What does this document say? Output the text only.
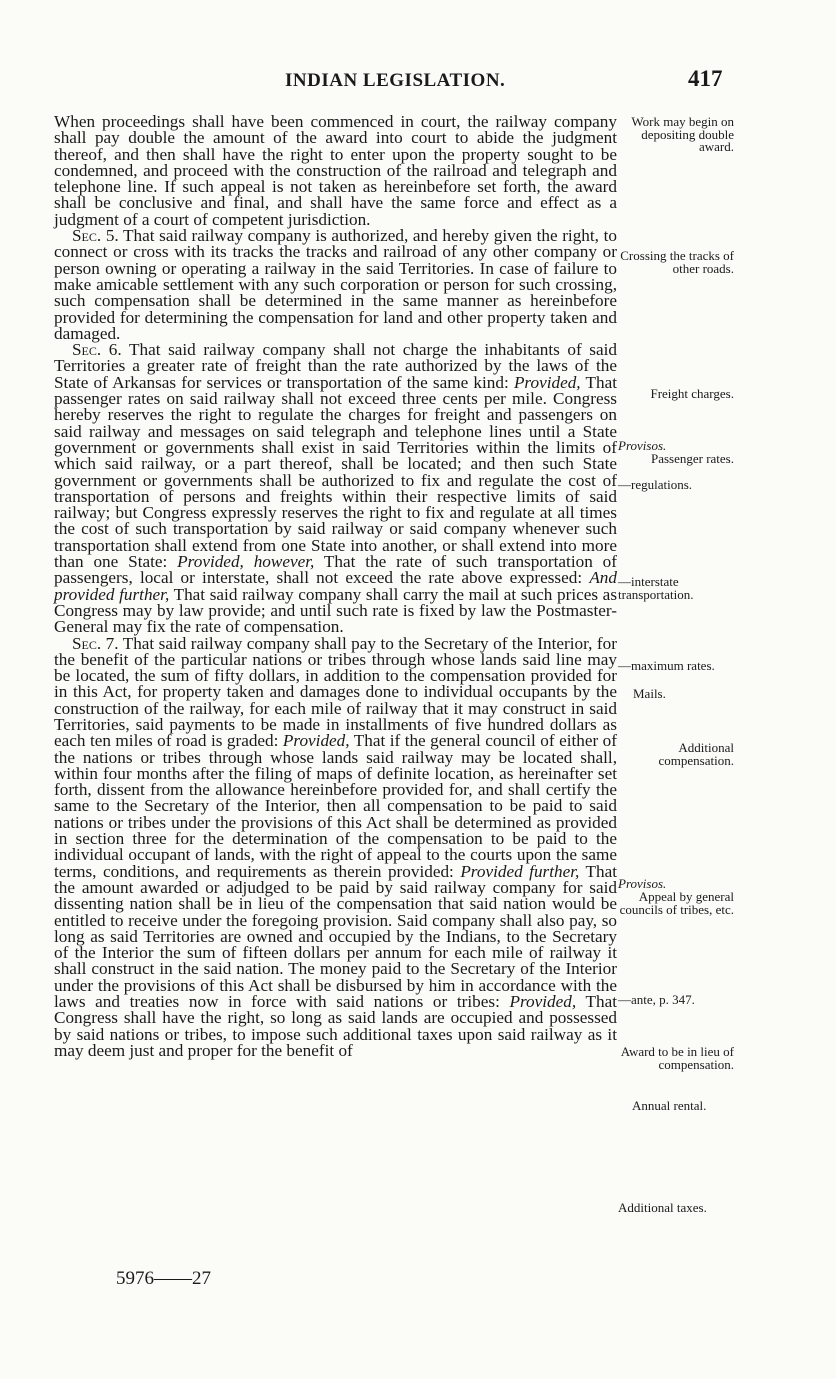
INDIAN LEGISLATION.	417

When proceedings shall have been commenced in court, the railway company shall pay double the amount of the award into court to abide the judgment thereof, and then shall have the right to enter upon the property sought to be condemned, and proceed with the construction of the railroad and telegraph and telephone line. If such appeal is not taken as hereinbefore set forth, the award shall be conclusive and final, and shall have the same force and effect as a judgment of a court of competent jurisdiction.

Sec. 5. That said railway company is authorized, and hereby given the right, to connect or cross with its tracks the tracks and railroad of any other company or person owning or operating a railway in the said Territories. In case of failure to make amicable settlement with any such corporation or person for such crossing, such compensation shall be determined in the same manner as hereinbefore provided for determining the compensation for land and other property taken and damaged.

Sec. 6. That said railway company shall not charge the inhabitants of said Territories a greater rate of freight than the rate authorized by the laws of the State of Arkansas for services or transportation of the same kind: Provided, That passenger rates on said railway shall not exceed three cents per mile. Congress hereby reserves the right to regulate the charges for freight and passengers on said railway and messages on said telegraph and telephone lines until a State government or governments shall exist in said Territories within the limits of which said railway, or a part thereof, shall be located; and then such State government or governments shall be authorized to fix and regulate the cost of transportation of persons and freights within their respective limits of said railway; but Congress expressly reserves the right to fix and regulate at all times the cost of such transportation by said railway or said company whenever such transportation shall extend from one State into another, or shall extend into more than one State: Provided, however, That the rate of such transportation of passengers, local or interstate, shall not exceed the rate above expressed: And provided further, That said railway company shall carry the mail at such prices as Congress may by law provide; and until such rate is fixed by law the Postmaster-General may fix the rate of compensation.

Sec. 7. That said railway company shall pay to the Secretary of the Interior, for the benefit of the particular nations or tribes through whose lands said line may be located, the sum of fifty dollars, in addition to the compensation provided for in this Act, for property taken and damages done to individual occupants by the construction of the railway, for each mile of railway that it may construct in said Territories, said payments to be made in installments of five hundred dollars as each ten miles of road is graded: Provided, That if the general council of either of the nations or tribes through whose lands said railway may be located shall, within four months after the filing of maps of definite location, as hereinafter set forth, dissent from the allowance hereinbefore provided for, and shall certify the same to the Secretary of the Interior, then all compensation to be paid to said nations or tribes under the provisions of this Act shall be determined as provided in section three for the determination of the compensation to be paid to the individual occupant of lands, with the right of appeal to the courts upon the same terms, conditions, and requirements as therein provided: Provided further, That the amount awarded or adjudged to be paid by said railway company for said dissenting nation shall be in lieu of the compensation that said nation would be entitled to receive under the foregoing provision. Said company shall also pay, so long as said Territories are owned and occupied by the Indians, to the Secretary of the Interior the sum of fifteen dollars per annum for each mile of railway it shall construct in the said nation. The money paid to the Secretary of the Interior under the provisions of this Act shall be disbursed by him in accordance with the laws and treaties now in force with said nations or tribes: Provided, That Congress shall have the right, so long as said lands are occupied and possessed by said nations or tribes, to impose such additional taxes upon said railway as it may deem just and proper for the benefit of

Work may begin on depositing double award.
Crossing the tracks of other roads.
Freight charges.
Provisos.
Passenger rates.
—regulations.
—interstate transportation.
—maximum rates.
Mails.
Additional compensation.
Provisos.
Appeal by general councils of tribes, etc.
—ante, p. 347.
Award to be in lieu of compensation.
Annual rental.
Additional taxes.
5976——27
